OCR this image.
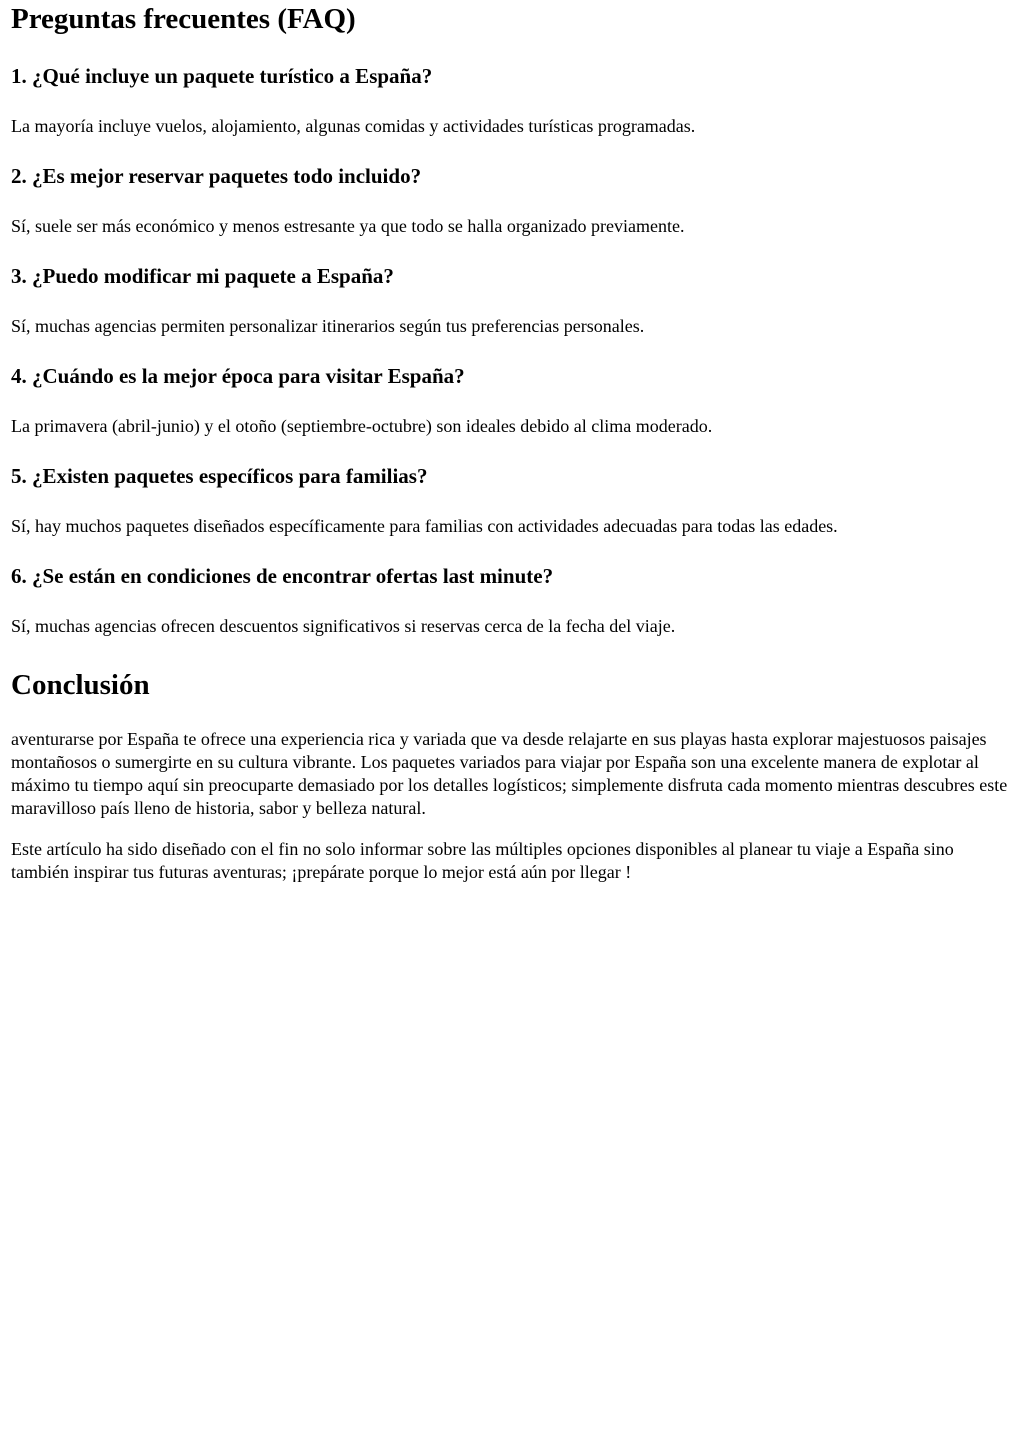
Preguntas frecuentes (FAQ)
1. ¿Qué incluye un paquete turístico a España?

La mayoría incluye vuelos, alojamiento, algunas comidas y actividades turísticas programadas.

2. ¿Es mejor reservar paquetes todo incluido?

Sí, suele ser más económico y menos estresante ya que todo se halla organizado previamente.

3. ¿Puedo modificar mi paquete a España?

Sí, muchas agencias permiten personalizar itinerarios según tus preferencias personales.

4. ¿Cuándo es la mejor época para visitar España?

La primavera (abril-junio) y el otoño (septiembre-octubre) son ideales debido al clima moderado.

5. ¿Existen paquetes específicos para familias?

Sí, hay muchos paquetes diseñados específicamente para familias con actividades adecuadas para todas las edades.

6. ¿Se están en condiciones de encontrar ofertas last minute?

Sí, muchas agencias ofrecen descuentos significativos si reservas cerca de la fecha del viaje.

Conclusión

aventurarse por España te ofrece una experiencia rica y variada que va desde relajarte en sus playas hasta explorar majestuosos paisajes montañosos o sumergirte en su cultura vibrante. Los paquetes variados para viajar por España son una excelente manera de explotar al máximo tu tiempo aquí sin preocuparte demasiado por los detalles logísticos; simplemente disfruta cada momento mientras descubres este maravilloso país lleno de historia, sabor y belleza natural.

Este artículo ha sido diseñado con el fin no solo informar sobre las múltiples opciones disponibles al planear tu viaje a España sino también inspirar tus futuras aventuras; ¡prepárate porque lo mejor está aún por llegar !
